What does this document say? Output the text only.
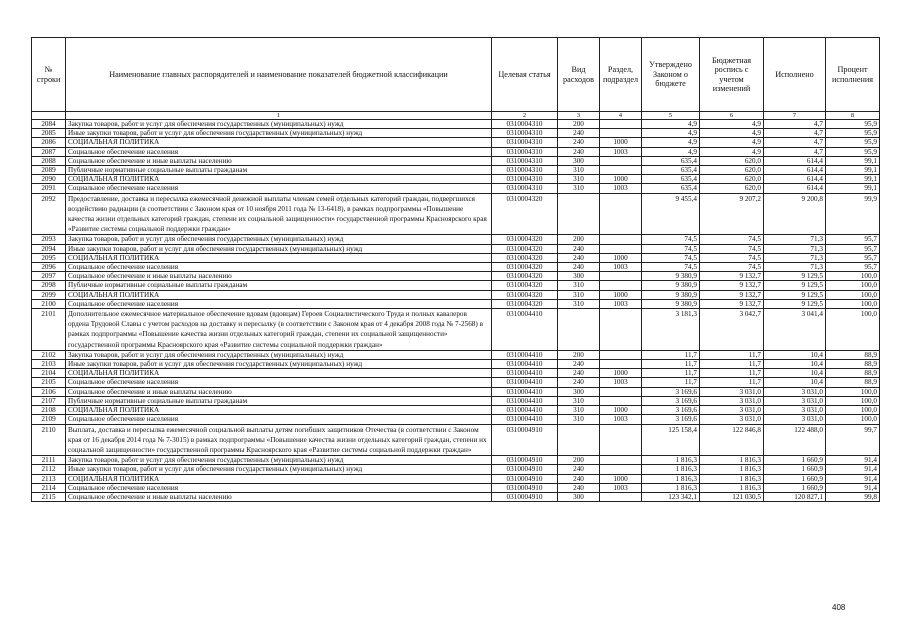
№ строки	Наименование главных распорядителей и наименование показателей бюджетной классификации	Целевая статья	Вид расходов	Раздел, подраздел	Утверждено Законом о бюджете	Бюджетная роспись с учетом изменений	Исполнено	Процент исполнения
	1	2	3	4	5	6	7	8
2084	Закупка товаров, работ и услуг для обеспечения государственных (муниципальных) нужд	0310004310	200		4,9	4,9	4,7	95,9
2085	Иные закупки товаров, работ и услуг для обеспечения государственных (муниципальных) нужд	0310004310	240		4,9	4,9	4,7	95,9
2086	СОЦИАЛЬНАЯ ПОЛИТИКА	0310004310	240	1000	4,9	4,9	4,7	95,9
2087	Социальное обеспечение населения	0310004310	240	1003	4,9	4,9	4,7	95,9
2088	Социальное обеспечение и иные выплаты населению	0310004310	300		635,4	620,0	614,4	99,1
2089	Публичные нормативные социальные выплаты гражданам	0310004310	310		635,4	620,0	614,4	99,1
2090	СОЦИАЛЬНАЯ ПОЛИТИКА	0310004310	310	1000	635,4	620,0	614,4	99,1
2091	Социальное обеспечение населения	0310004310	310	1003	635,4	620,0	614,4	99,1
2092	Предоставление, доставка и пересылка ежемесячной денежной выплаты членам семей отдельных категорий граждан, подвергшихся воздействию радиации (в соответствии с Законом края от 10 ноября 2011 года № 13-6418), в рамках подпрограммы «Повышение качества жизни отдельных категорий граждан, степени их социальной защищенности» государственной программы Красноярского края «Развитие системы социальной поддержки граждан»	0310004320			9 455,4	9 207,2	9 200,8	99,9
2093	Закупка товаров, работ и услуг для обеспечения государственных (муниципальных) нужд	0310004320	200		74,5	74,5	71,3	95,7
2094	Иные закупки товаров, работ и услуг для обеспечения государственных (муниципальных) нужд	0310004320	240		74,5	74,5	71,3	95,7
2095	СОЦИАЛЬНАЯ ПОЛИТИКА	0310004320	240	1000	74,5	74,5	71,3	95,7
2096	Социальное обеспечение населения	0310004320	240	1003	74,5	74,5	71,3	95,7
2097	Социальное обеспечение и иные выплаты населению	0310004320	300		9 380,9	9 132,7	9 129,5	100,0
2098	Публичные нормативные социальные выплаты гражданам	0310004320	310		9 380,9	9 132,7	9 129,5	100,0
2099	СОЦИАЛЬНАЯ ПОЛИТИКА	0310004320	310	1000	9 380,9	9 132,7	9 129,5	100,0
2100	Социальное обеспечение населения	0310004320	310	1003	9 380,9	9 132,7	9 129,5	100,0
2101	Дополнительное ежемесячное материальное обеспечение вдовам (вдовцам) Героев Социалистического Труда и полных кавалеров ордена Трудовой Славы с учетом расходов на доставку и пересылку (в соответствии с Законом края от 4 декабря 2008 года № 7-2568) в рамках подпрограммы «Повышение качества жизни отдельных категорий граждан, степени их социальной защищенности» государственной программы Красноярского края «Развитие системы социальной поддержки граждан»	0310004410			3 181,3	3 042,7	3 041,4	100,0
2102	Закупка товаров, работ и услуг для обеспечения государственных (муниципальных) нужд	0310004410	200		11,7	11,7	10,4	88,9
2103	Иные закупки товаров, работ и услуг для обеспечения государственных (муниципальных) нужд	0310004410	240		11,7	11,7	10,4	88,9
2104	СОЦИАЛЬНАЯ ПОЛИТИКА	0310004410	240	1000	11,7	11,7	10,4	88,9
2105	Социальное обеспечение населения	0310004410	240	1003	11,7	11,7	10,4	88,9
2106	Социальное обеспечение и иные выплаты населению	0310004410	300		3 169,6	3 031,0	3 031,0	100,0
2107	Публичные нормативные социальные выплаты гражданам	0310004410	310		3 169,6	3 031,0	3 031,0	100,0
2108	СОЦИАЛЬНАЯ ПОЛИТИКА	0310004410	310	1000	3 169,6	3 031,0	3 031,0	100,0
2109	Социальное обеспечение населения	0310004410	310	1003	3 169,6	3 031,0	3 031,0	100,0
2110	Выплата, доставка и пересылка ежемесячной социальной выплаты детям погибших защитников Отечества (в соответствии с Законом края от 16 декабря 2014 года № 7-3015) в рамках подпрограммы «Повышение качества жизни отдельных категорий граждан, степени их социальной защищенности» государственной программы Красноярского края «Развитие системы социальной поддержки граждан»	0310004910			125 158,4	122 846,8	122 488,0	99,7
2111	Закупка товаров, работ и услуг для обеспечения государственных (муниципальных) нужд	0310004910	200		1 816,3	1 816,3	1 660,9	91,4
2112	Иные закупки товаров, работ и услуг для обеспечения государственных (муниципальных) нужд	0310004910	240		1 816,3	1 816,3	1 660,9	91,4
2113	СОЦИАЛЬНАЯ ПОЛИТИКА	0310004910	240	1000	1 816,3	1 816,3	1 660,9	91,4
2114	Социальное обеспечение населения	0310004910	240	1003	1 816,3	1 816,3	1 660,9	91,4
2115	Социальное обеспечение и иные выплаты населению	0310004910	300		123 342,1	121 030,5	120 827,1	99,8
408
